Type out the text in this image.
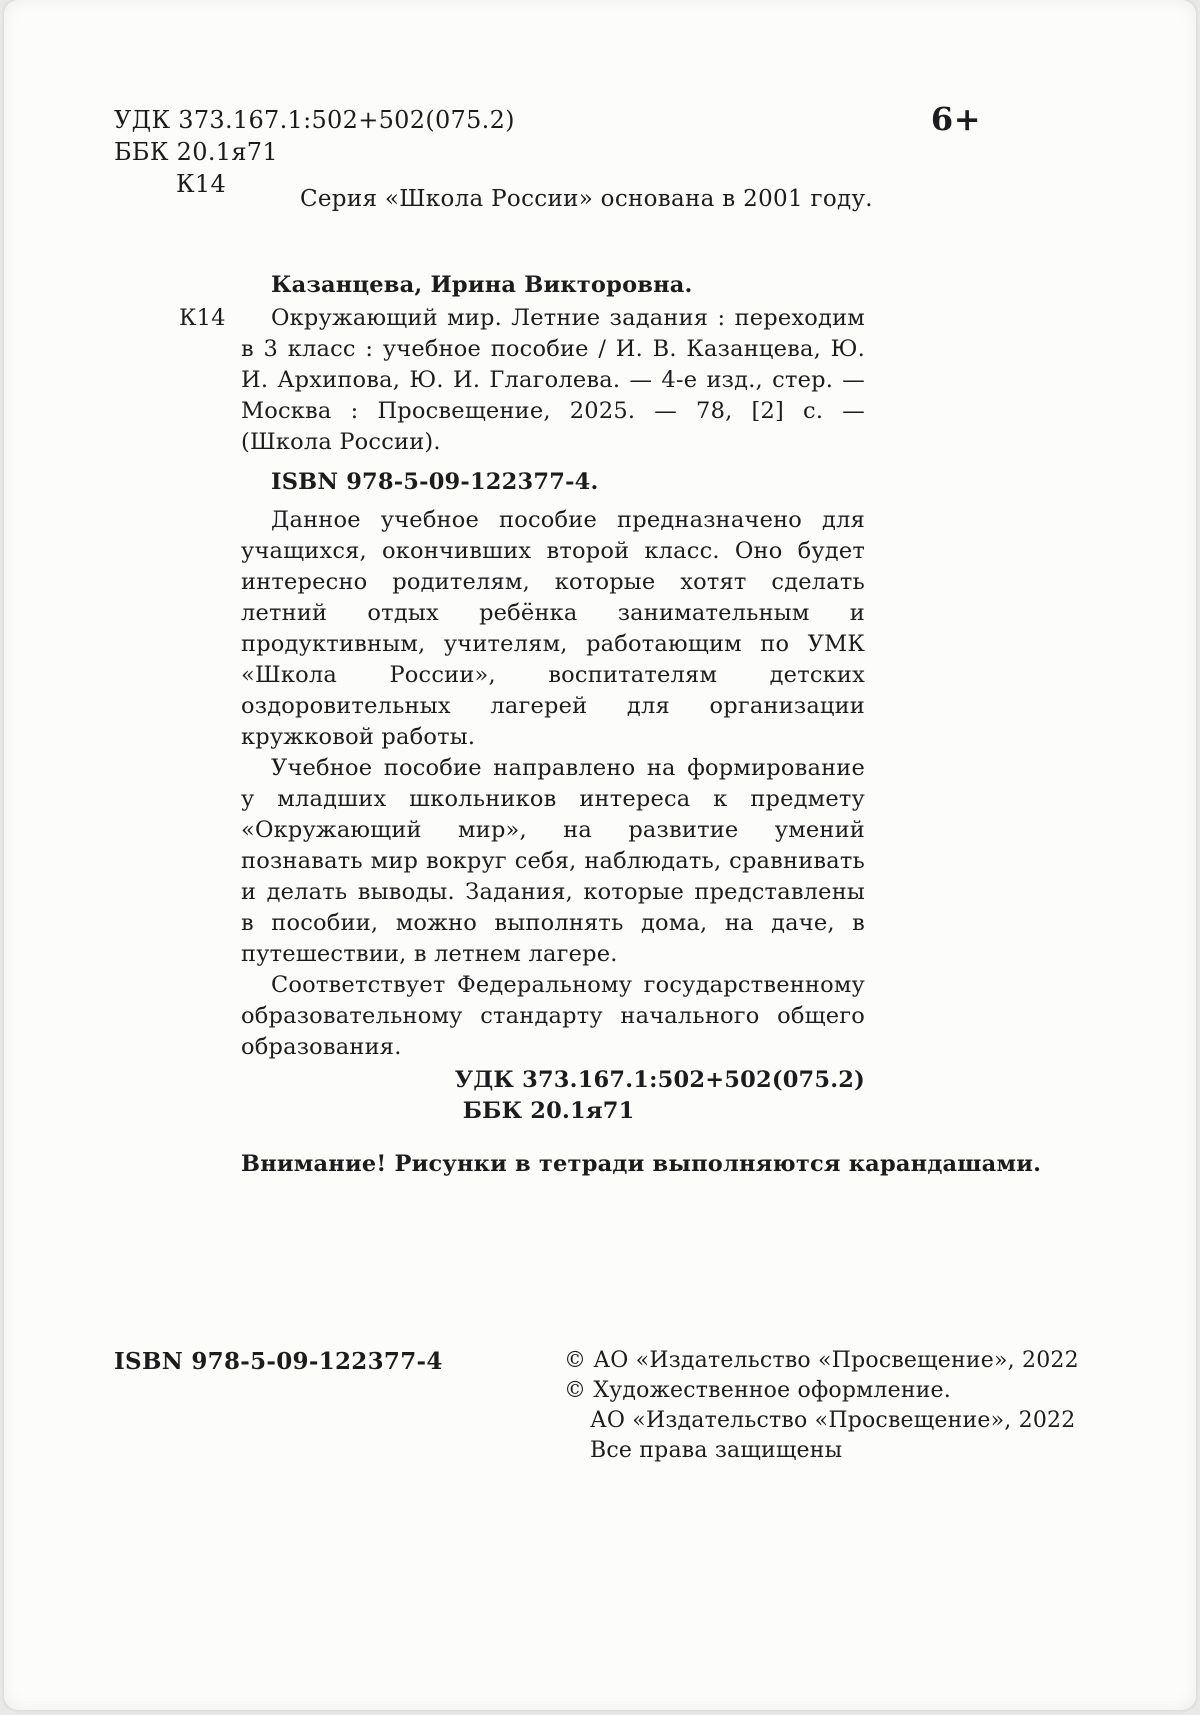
УДК 373.167.1:502+502(075.2)
ББК 20.1я71
К14
6+
Серия «Школа России» основана в 2001 году.

Казанцева, Ирина Викторовна.

К14	Окружающий мир. Летние задания : переходим в 3 класс : учебное пособие / И. В. Казанцева, Ю. И. Архипова, Ю. И. Глаголева. — 4-е изд., стер. — Москва : Просвещение, 2025. — 78, [2] с. — (Школа России).

ISBN 978-5-09-122377-4.

Данное учебное пособие предназначено для учащихся, окончивших второй класс. Оно будет интересно родителям, которые хотят сделать летний отдых ребёнка занимательным и продуктивным, учителям, работающим по УМК «Школа России», воспитателям детских оздоровительных лагерей для организации кружковой работы.

Учебное пособие направлено на формирование у младших школьников интереса к предмету «Окружающий мир», на развитие умений познавать мир вокруг себя, наблюдать, сравнивать и делать выводы. Задания, которые представлены в пособии, можно выполнять дома, на даче, в путешествии, в летнем лагере.

Соответствует Федеральному государственному образовательному стандарту начального общего образования.

УДК 373.167.1:502+502(075.2)
ББК 20.1я71
Внимание! Рисунки в тетради выполняются карандашами.
ISBN 978-5-09-122377-4	© АО «Издательство «Просвещение», 2022
© Художественное оформление.
АО «Издательство «Просвещение», 2022
Все права защищены
